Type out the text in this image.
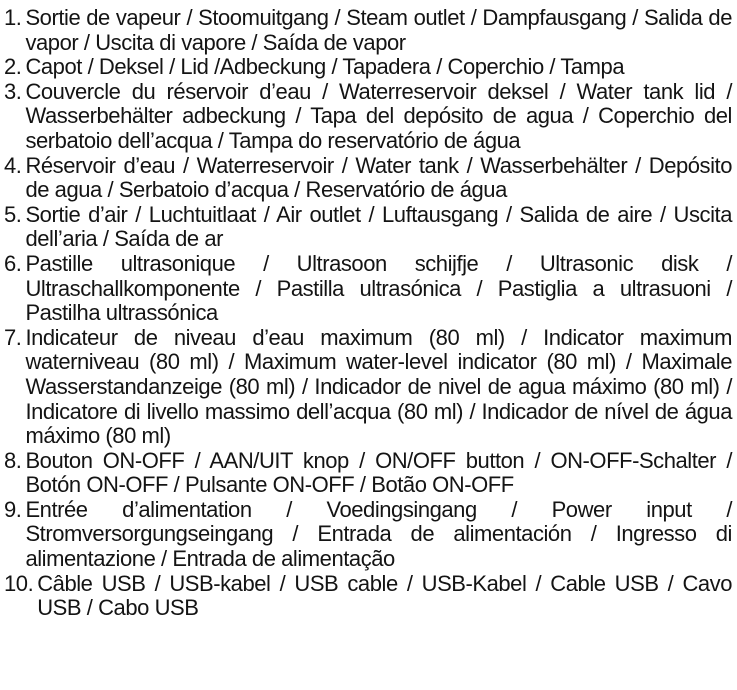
1. Sortie de vapeur / Stoomuitgang / Steam outlet / Dampfausgang / Salida de vapor / Uscita di vapore / Saída de vapor

2. Capot / Deksel / Lid /Adbeckung / Tapadera / Coperchio / Tampa

3. Couvercle du réservoir d’eau / Waterreservoir deksel / Water tank lid / Wasserbehälter adbeckung / Tapa del depósito de agua / Coperchio del serbatoio dell’acqua / Tampa do reservatório de água

4. Réservoir d’eau / Waterreservoir / Water tank / Wasserbehälter / Depósito de agua / Serbatoio d’acqua / Reservatório de água

5. Sortie d’air / Luchtuitlaat / Air outlet / Luftausgang / Salida de aire / Uscita dell’aria / Saída de ar

6. Pastille ultrasonique / Ultrasoon schijfje / Ultrasonic disk / Ultraschallkomponente / Pastilla ultrasónica / Pastiglia a ultrasuoni / Pastilha ultrassónica

7. Indicateur de niveau d’eau maximum (80 ml) / Indicator maximum waterniveau (80 ml) / Maximum water-level indicator (80 ml) / Maximale Wasserstandanzeige (80 ml) / Indicador de nivel de agua máximo (80 ml) / Indicatore di livello massimo dell’acqua (80 ml) / Indicador de nível de água máximo (80 ml)

8. Bouton ON-OFF / AAN/UIT knop / ON/OFF button / ON-OFF-Schalter / Botón ON-OFF / Pulsante ON-OFF / Botão ON-OFF

9. Entrée d’alimentation / Voedingsingang / Power input / Stromversorgungseingang / Entrada de alimentación / Ingresso di alimentazione / Entrada de alimentação

10. Câble USB / USB-kabel / USB cable / USB-Kabel / Cable USB / Cavo USB / Cabo USB
